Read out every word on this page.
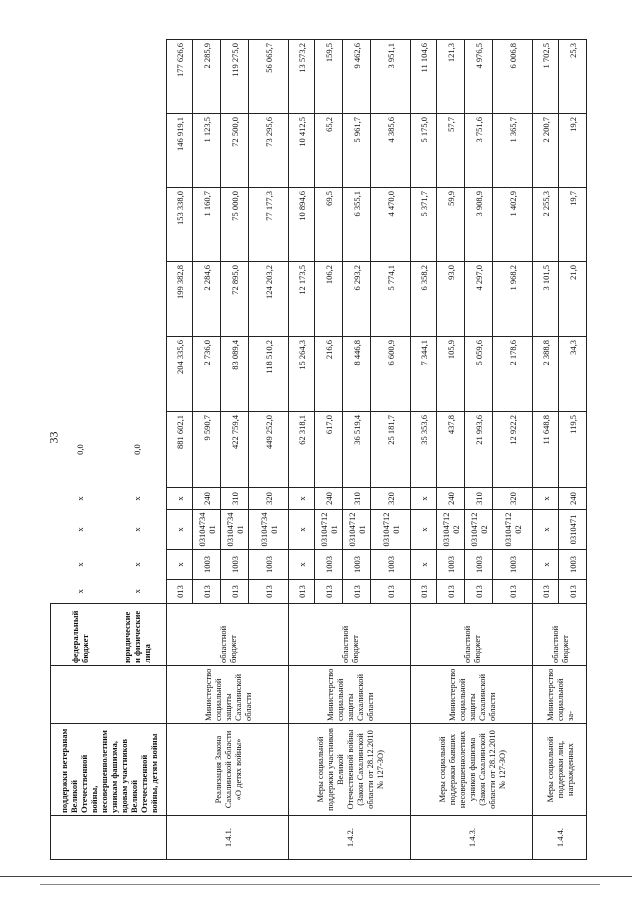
33
	поддержки ветеранам Великой Отечественной войны, несовершеннолетним узникам фашизма, вдовам участников Великой Отечественной войны, детям войны		федеральный бюджет	х	х	х	х	0,0					
			юридические и физические лица	х	х	х	х	0,0					
1.4.1.	Реализация Закона Сахалинской области «О детях войны»	Министерство социальной защиты Сахалинской области	областной бюджет	013	х	х	х	881 602,1	204 335,6	199 382,8	153 338,0	146 919,1	177 626,6
				013	1003	0310473401	240	9 590,7	2 736,0	2 284,6	1 160,7	1 123,5	2 285,9
				013	1003	0310473401	310	422 759,4	83 089,4	72 895,0	75 000,0	72 500,0	119 275,0
				013	1003	0310473401	320	449 252,0	118 510,2	124 203,2	77 177,3	73 295,6	56 065,7
1.4.2.	Меры социальной поддержки участников Великой Отечественной войны (Закон Сахалинской области от 28.12.2010 № 127-ЗО)	Министерство социальной защиты Сахалинской области	областной бюджет	013	х	х	х	62 318,1	15 264,3	12 173,5	10 894,6	10 412,5	13 573,2
				013	1003	0310471201	240	617,0	216,6	106,2	69,5	65,2	159,5
				013	1003	0310471201	310	36 519,4	8 446,8	6 293,2	6 355,1	5 961,7	9 462,6
				013	1003	0310471201	320	25 181,7	6 600,9	5 774,1	4 470,0	4 385,6	3 951,1
1.4.3.	Меры социальной поддержки бывших несовершеннолетних узников фашизма (Закон Сахалинской области от 28.12.2010 № 127-ЗО)	Министерство социальной защиты Сахалинской области	областной бюджет	013	х	х	х	35 353,6	7 344,1	6 358,2	5 371,7	5 175,0	11 104,6
				013	1003	0310471202	240	437,8	105,9	93,0	59,9	57,7	121,3
				013	1003	0310471202	310	21 993,6	5 059,6	4 297,0	3 908,9	3 751,6	4 976,5
				013	1003	0310471202	320	12 922,2	2 178,6	1 968,2	1 402,9	1 365,7	6 006,8
1.4.4.	Меры социальной поддержки лиц, награжденных	Министерство социальной за-	областной бюджет	013	х	х	х	11 648,8	2 388,8	3 101,5	2 255,3	2 200,7	1 702,5
				013	1003	0310471	240	119,5	34,3	21,0	19,7	19,2	25,3
